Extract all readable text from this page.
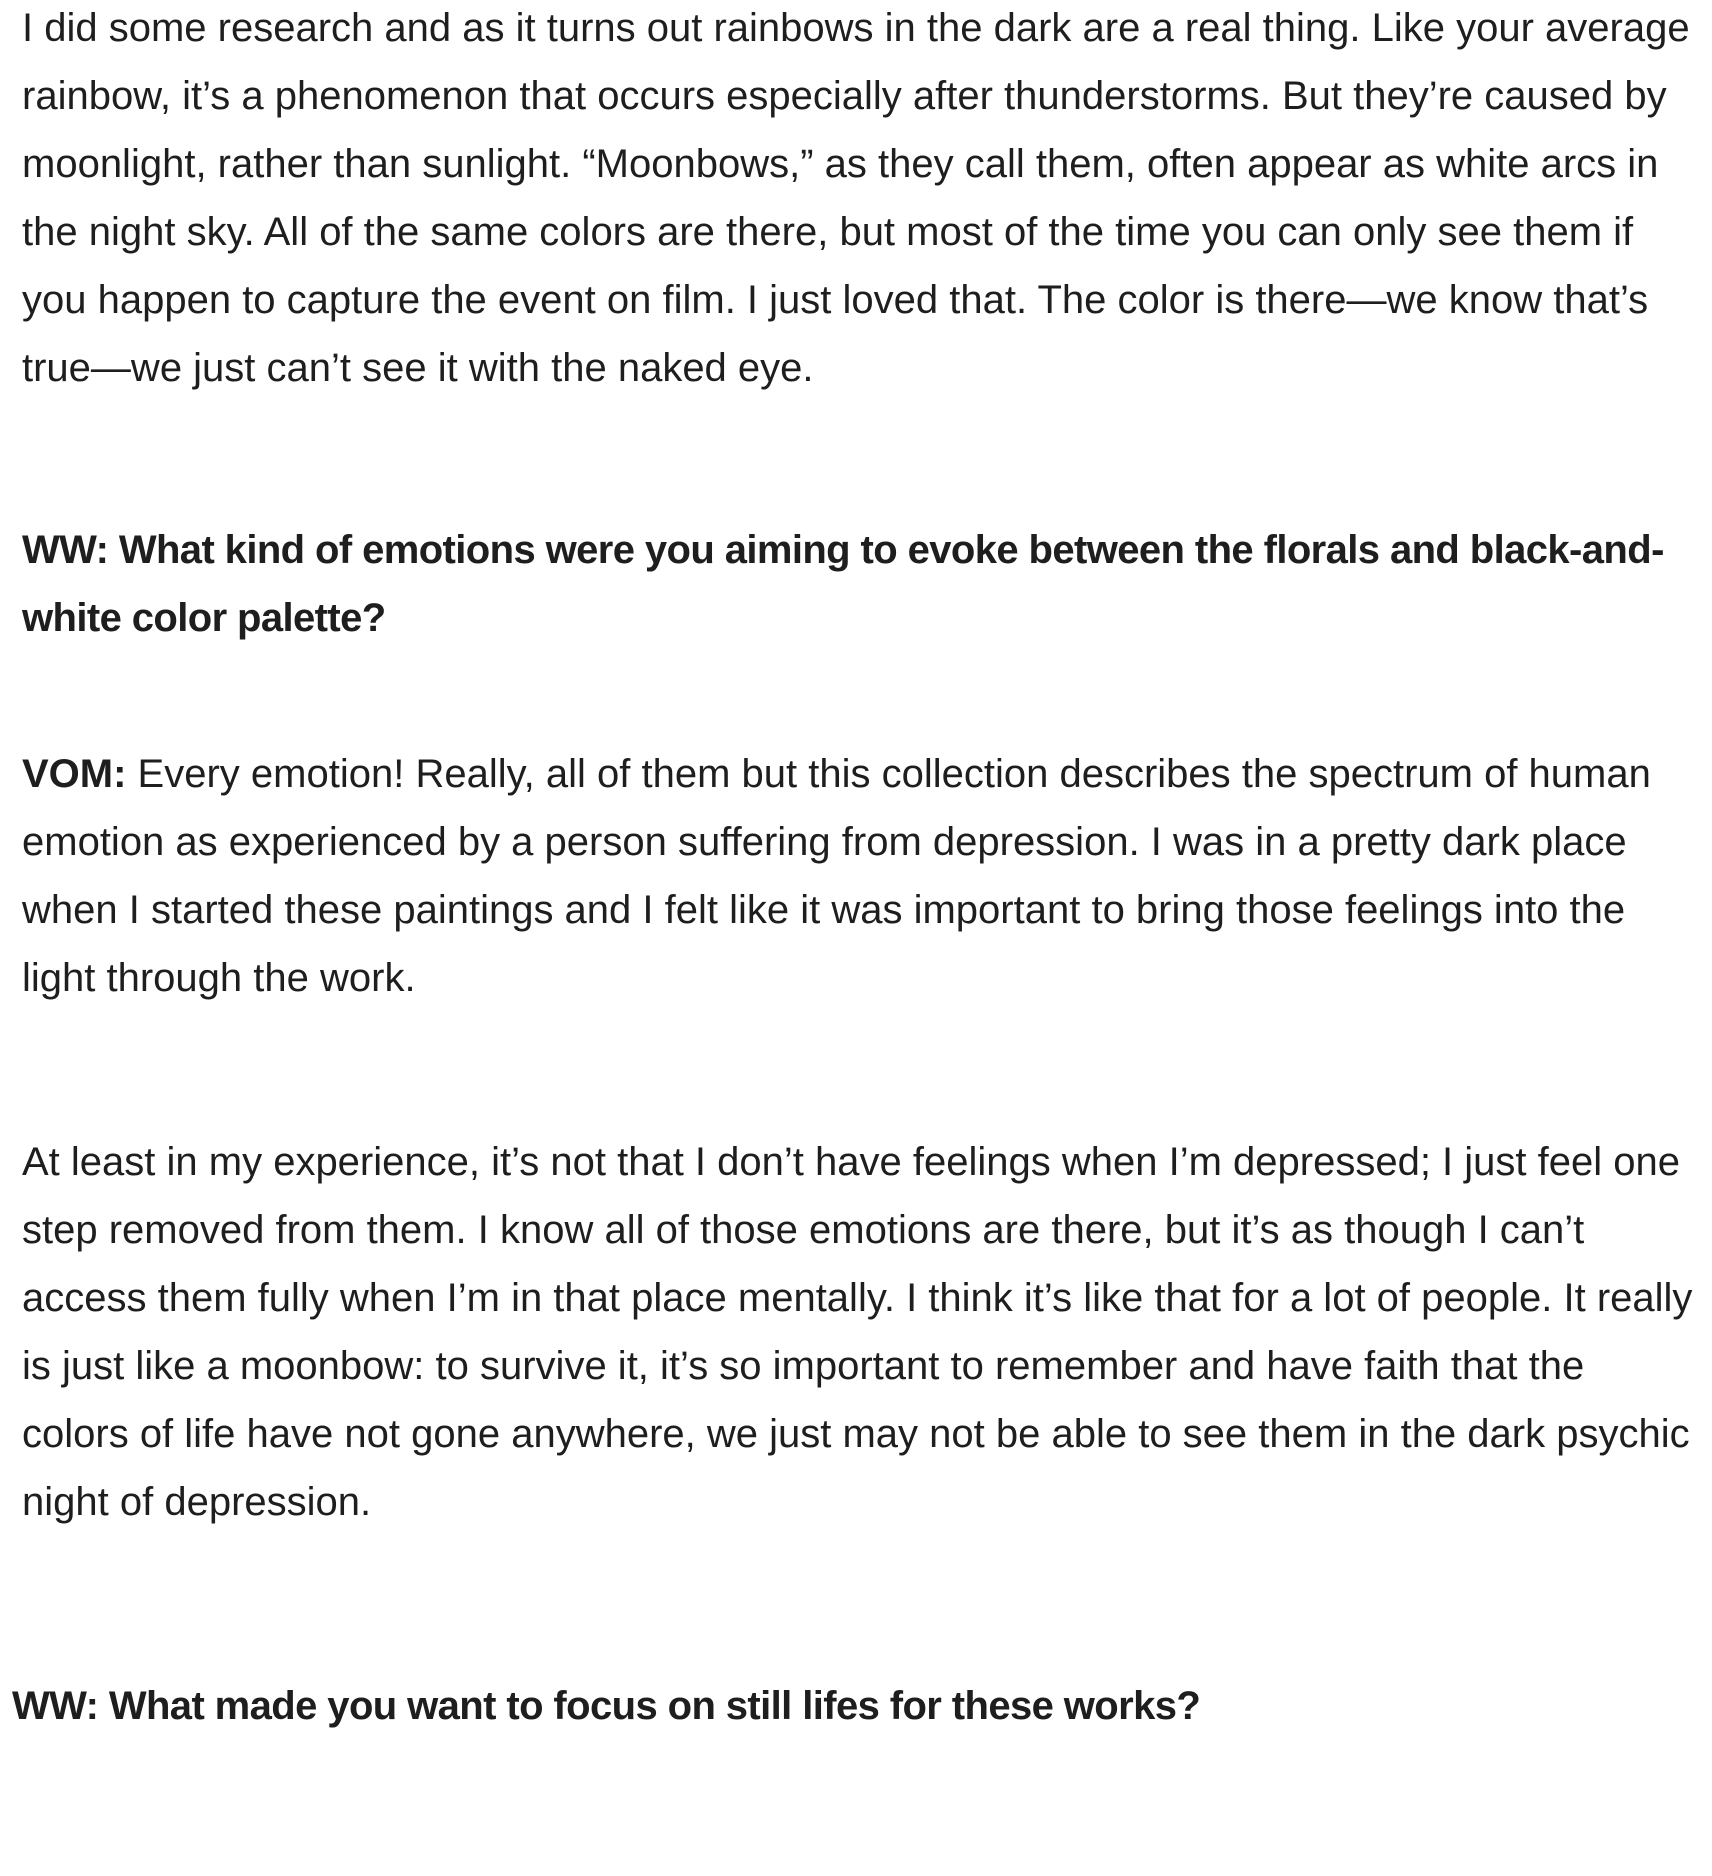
I did some research and as it turns out rainbows in the dark are a real thing. Like your average rainbow, it’s a phenomenon that occurs especially after thunderstorms. But they’re caused by moonlight, rather than sunlight. “Moonbows,” as they call them, often appear as white arcs in the night sky. All of the same colors are there, but most of the time you can only see them if you happen to capture the event on film. I just loved that. The color is there—we know that’s true—we just can’t see it with the naked eye.

WW: What kind of emotions were you aiming to evoke between the florals and black-and-white color palette?

VOM: Every emotion! Really, all of them but this collection describes the spectrum of human emotion as experienced by a person suffering from depression. I was in a pretty dark place when I started these paintings and I felt like it was important to bring those feelings into the light through the work.

At least in my experience, it’s not that I don’t have feelings when I’m depressed; I just feel one step removed from them. I know all of those emotions are there, but it’s as though I can’t access them fully when I’m in that place mentally. I think it’s like that for a lot of people. It really is just like a moonbow: to survive it, it’s so important to remember and have faith that the colors of life have not gone anywhere, we just may not be able to see them in the dark psychic night of depression.

WW: What made you want to focus on still lifes for these works?
